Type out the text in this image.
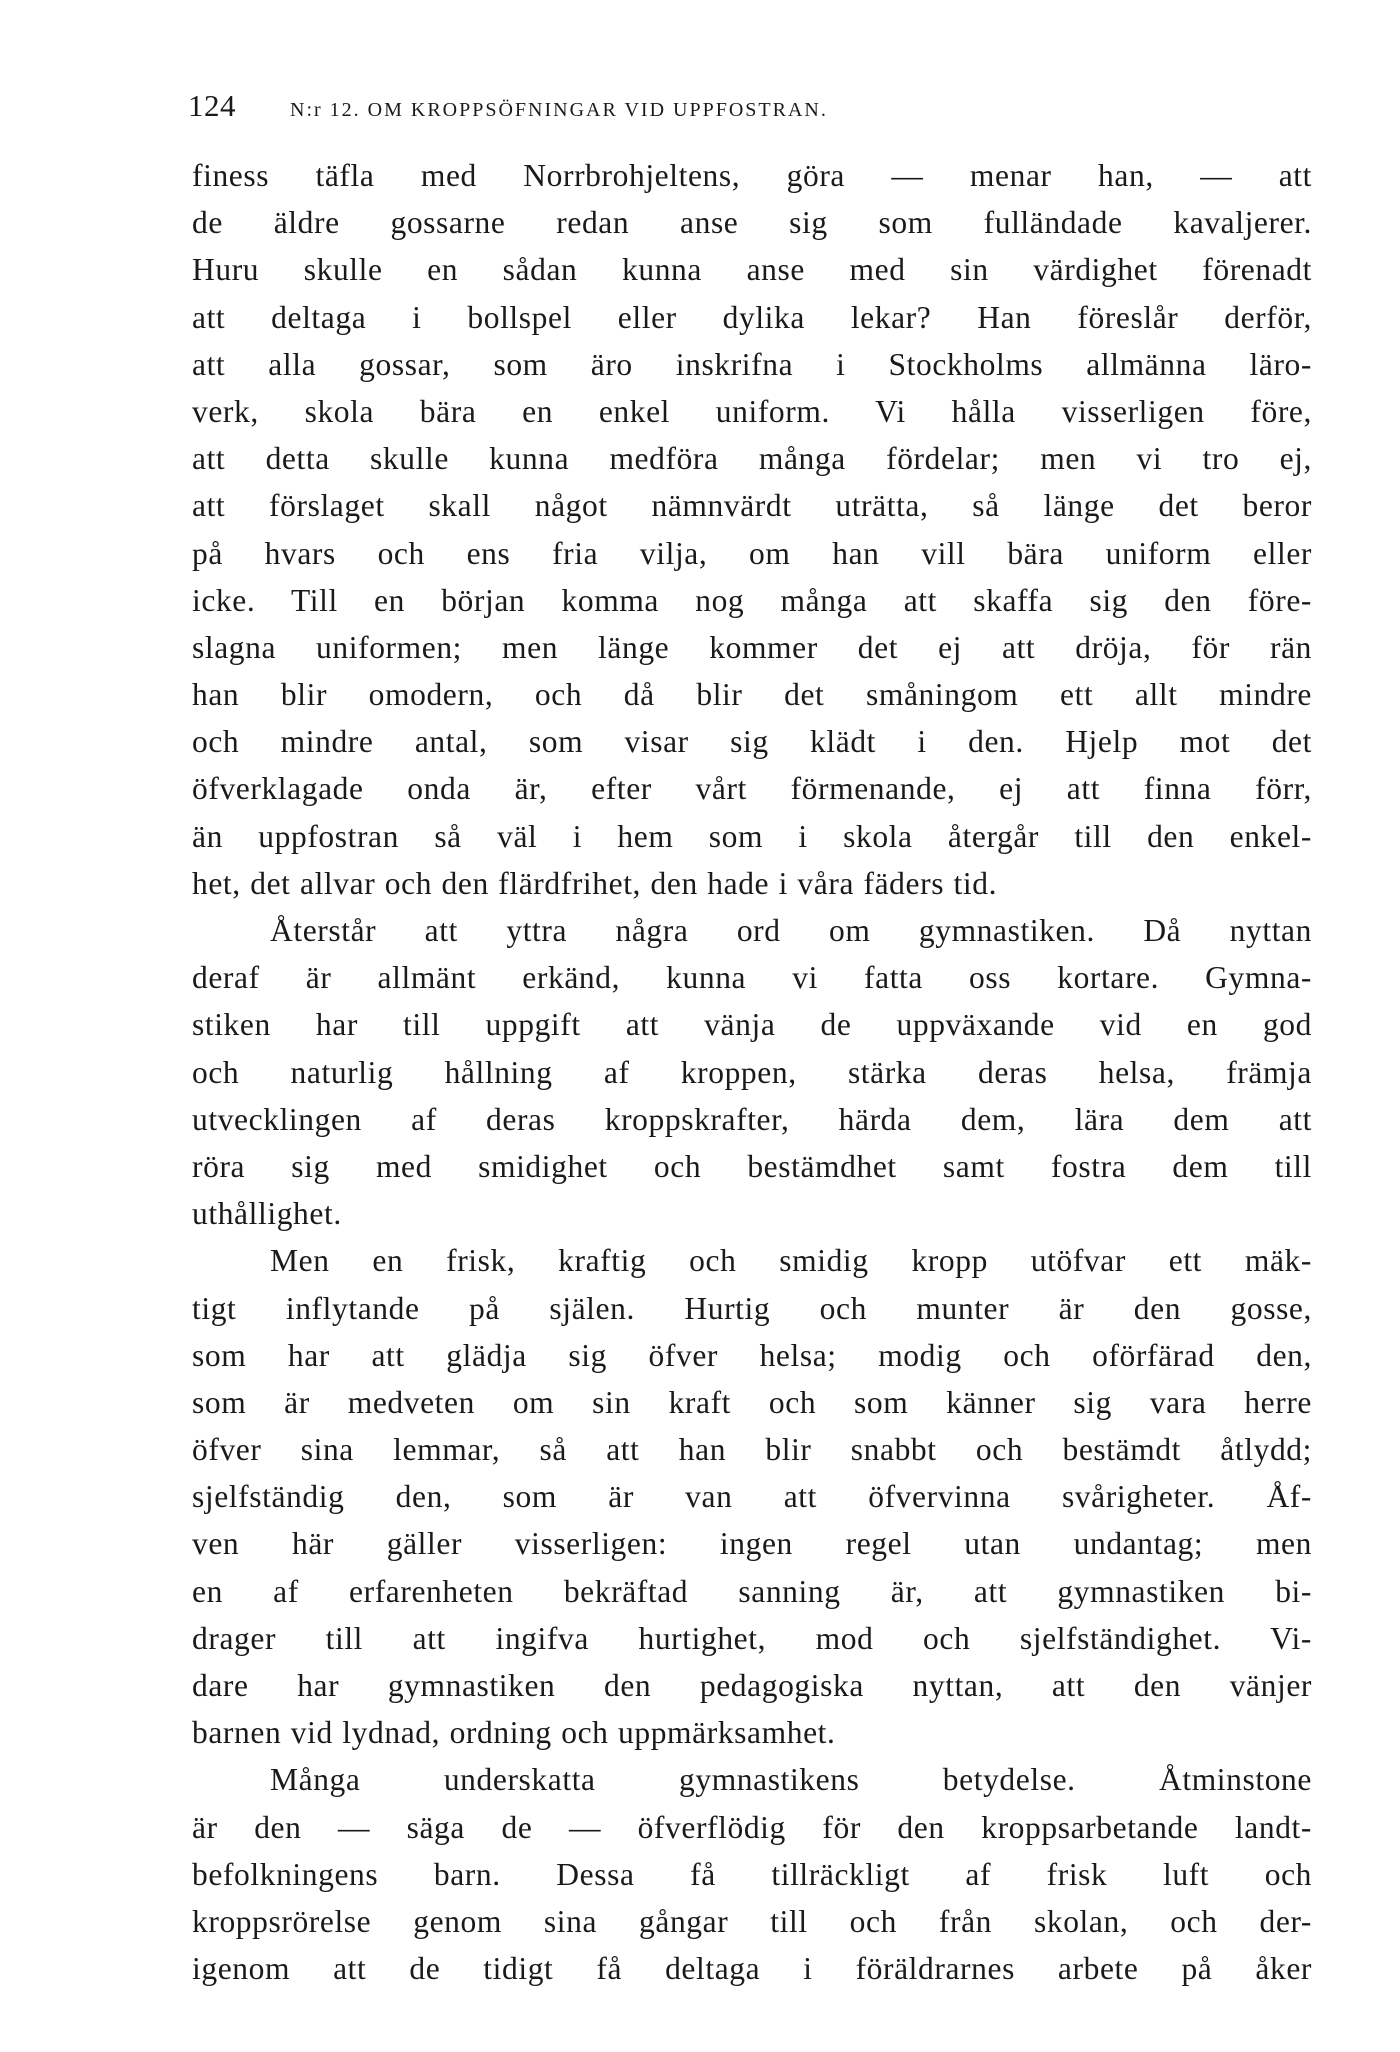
124	N:r 12. OM KROPPSÖFNINGAR VID UPPFOSTRAN.
finess täfla med Norrbrohjeltens, göra — menar han, — att
de äldre gossarne redan anse sig som fulländade kavaljerer.
Huru skulle en sådan kunna anse med sin värdighet förenadt
att deltaga i bollspel eller dylika lekar? Han föreslår derför,
att alla gossar, som äro inskrifna i Stockholms allmänna läro-
verk, skola bära en enkel uniform. Vi hålla visserligen före,
att detta skulle kunna medföra många fördelar; men vi tro ej,
att förslaget skall något nämnvärdt uträtta, så länge det beror
på hvars och ens fria vilja, om han vill bära uniform eller
icke. Till en början komma nog många att skaffa sig den före-
slagna uniformen; men länge kommer det ej att dröja, för rän
han blir omodern, och då blir det småningom ett allt mindre
och mindre antal, som visar sig klädt i den. Hjelp mot det
öfverklagade onda är, efter vårt förmenande, ej att finna förr,
än uppfostran så väl i hem som i skola återgår till den enkel-
het, det allvar och den flärdfrihet, den hade i våra fäders tid.
Återstår att yttra några ord om gymnastiken. Då nyttan
deraf är allmänt erkänd, kunna vi fatta oss kortare. Gymna-
stiken har till uppgift att vänja de uppväxande vid en god
och naturlig hållning af kroppen, stärka deras helsa, främja
utvecklingen af deras kroppskrafter, härda dem, lära dem att
röra sig med smidighet och bestämdhet samt fostra dem till
uthållighet.
Men en frisk, kraftig och smidig kropp utöfvar ett mäk-
tigt inflytande på själen. Hurtig och munter är den gosse,
som har att glädja sig öfver helsa; modig och oförfärad den,
som är medveten om sin kraft och som känner sig vara herre
öfver sina lemmar, så att han blir snabbt och bestämdt åtlydd;
sjelfständig den, som är van att öfvervinna svårigheter. Åf-
ven här gäller visserligen: ingen regel utan undantag; men
en af erfarenheten bekräftad sanning är, att gymnastiken bi-
drager till att ingifva hurtighet, mod och sjelfständighet. Vi-
dare har gymnastiken den pedagogiska nyttan, att den vänjer
barnen vid lydnad, ordning och uppmärksamhet.
Många underskatta gymnastikens betydelse. Åtminstone
är den — säga de — öfverflödig för den kroppsarbetande landt-
befolkningens barn. Dessa få tillräckligt af frisk luft och
kroppsrörelse genom sina gångar till och från skolan, och der-
igenom att de tidigt få deltaga i föräldrarnes arbete på åker
